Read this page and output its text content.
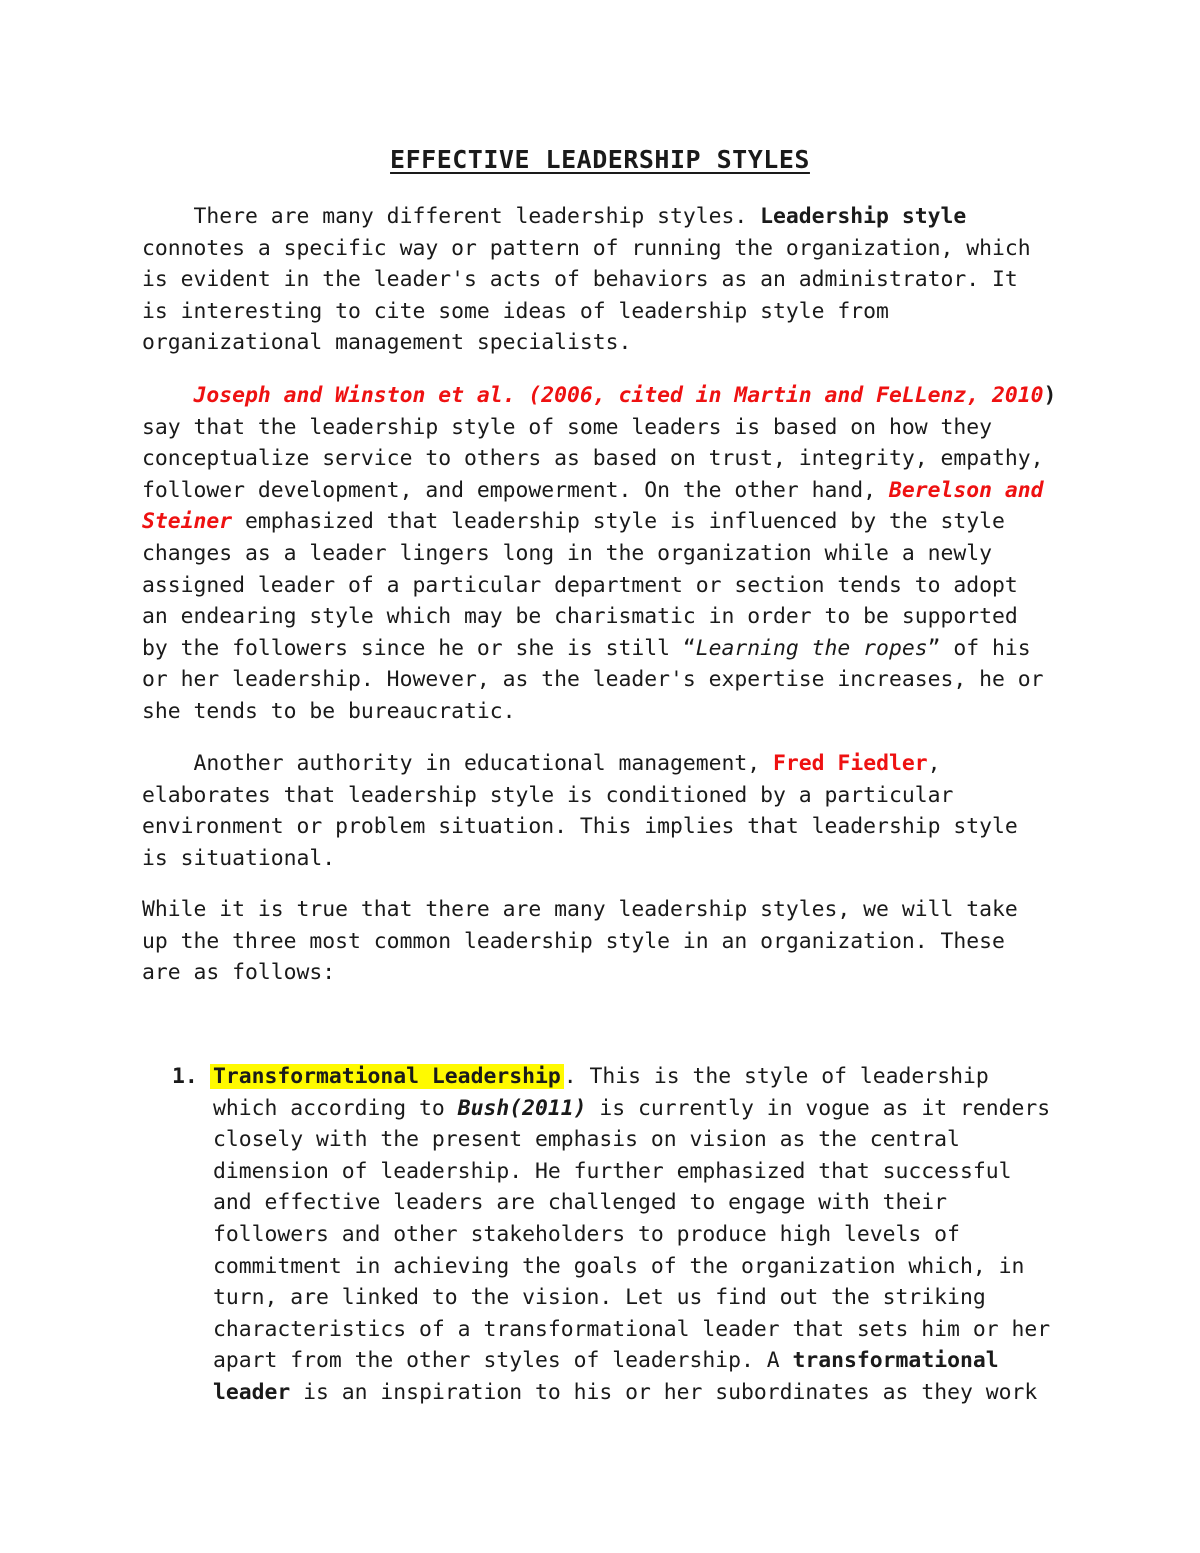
EFFECTIVE LEADERSHIP STYLES
There are many different leadership styles. Leadership style
connotes a specific way or pattern of running the organization, which
is evident in the leader's acts of behaviors as an administrator. It
is interesting to cite some ideas of leadership style from
organizational management specialists.
Joseph and Winston et al. (2006, cited in Martin and FeLLenz, 2010)
say that the leadership style of some leaders is based on how they
conceptualize service to others as based on trust, integrity, empathy,
follower development, and empowerment. On the other hand, Berelson and
Steiner emphasized that leadership style is influenced by the style
changes as a leader lingers long in the organization while a newly
assigned leader of a particular department or section tends to adopt
an endearing style which may be charismatic in order to be supported
by the followers since he or she is still “Learning the ropes” of his
or her leadership. However, as the leader's expertise increases, he or
she tends to be bureaucratic.
Another authority in educational management, Fred Fiedler,
elaborates that leadership style is conditioned by a particular
environment or problem situation. This implies that leadership style
is situational.
While it is true that there are many leadership styles, we will take
up the three most common leadership style in an organization. These
are as follows:
1. Transformational Leadership . This is the style of leadership
which according to Bush(2011) is currently in vogue as it renders
closely with the present emphasis on vision as the central
dimension of leadership. He further emphasized that successful
and effective leaders are challenged to engage with their
followers and other stakeholders to produce high levels of
commitment in achieving the goals of the organization which, in
turn, are linked to the vision. Let us find out the striking
characteristics of a transformational leader that sets him or her
apart from the other styles of leadership. A transformational
leader is an inspiration to his or her subordinates as they work
